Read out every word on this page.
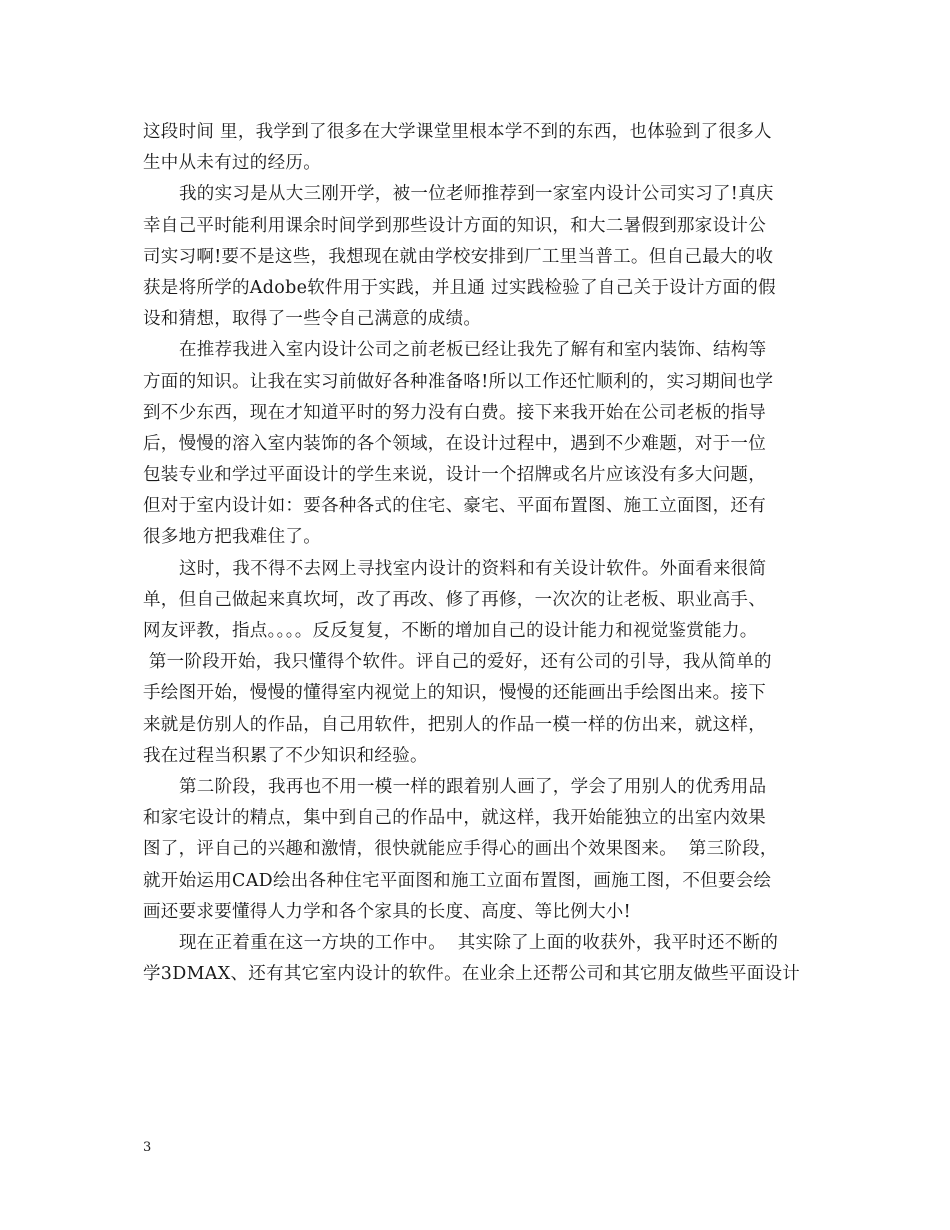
这段时间 里，我学到了很多在大学课堂里根本学不到的东西，也体验到了很多人
生中从未有过的经历。
我的实习是从大三刚开学，被一位老师推荐到一家室内设计公司实习了!真庆
幸自己平时能利用课余时间学到那些设计方面的知识，和大二暑假到那家设计公
司实习啊!要不是这些，我想现在就由学校安排到厂工里当普工。但自己最大的收
获是将所学的Adobe软件用于实践，并且通 过实践检验了自己关于设计方面的假
设和猜想，取得了一些令自己满意的成绩。
在推荐我进入室内设计公司之前老板已经让我先了解有和室内装饰、结构等
方面的知识。让我在实习前做好各种准备咯!所以工作还忙顺利的，实习期间也学
到不少东西，现在才知道平时的努力没有白费。接下来我开始在公司老板的指导
后，慢慢的溶入室内装饰的各个领域，在设计过程中，遇到不少难题，对于一位
包装专业和学过平面设计的学生来说，设计一个招牌或名片应该没有多大问题，
但对于室内设计如：要各种各式的住宅、豪宅、平面布置图、施工立面图，还有
很多地方把我难住了。
这时，我不得不去网上寻找室内设计的资料和有关设计软件。外面看来很简
单，但自己做起来真坎坷，改了再改、修了再修，一次次的让老板、职业高手、
网友评教，指点。。。。反反复复，不断的增加自己的设计能力和视觉鉴赏能力。
第一阶段开始，我只懂得个软件。评自己的爱好，还有公司的引导，我从简单的
手绘图开始，慢慢的懂得室内视觉上的知识，慢慢的还能画出手绘图出来。接下
来就是仿别人的作品，自己用软件，把别人的作品一模一样的仿出来，就这样，
我在过程当积累了不少知识和经验。
第二阶段，我再也不用一模一样的跟着别人画了，学会了用别人的优秀用品
和家宅设计的精点，集中到自己的作品中，就这样，我开始能独立的出室内效果
图了，评自己的兴趣和激情，很快就能应手得心的画出个效果图来。  第三阶段，
就开始运用CAD绘出各种住宅平面图和施工立面布置图，画施工图，不但要会绘
画还要求要懂得人力学和各个家具的长度、高度、等比例大小!
现在正着重在这一方块的工作中。  其实除了上面的收获外，我平时还不断的
学3DMAX、还有其它室内设计的软件。在业余上还帮公司和其它朋友做些平面设计
3
